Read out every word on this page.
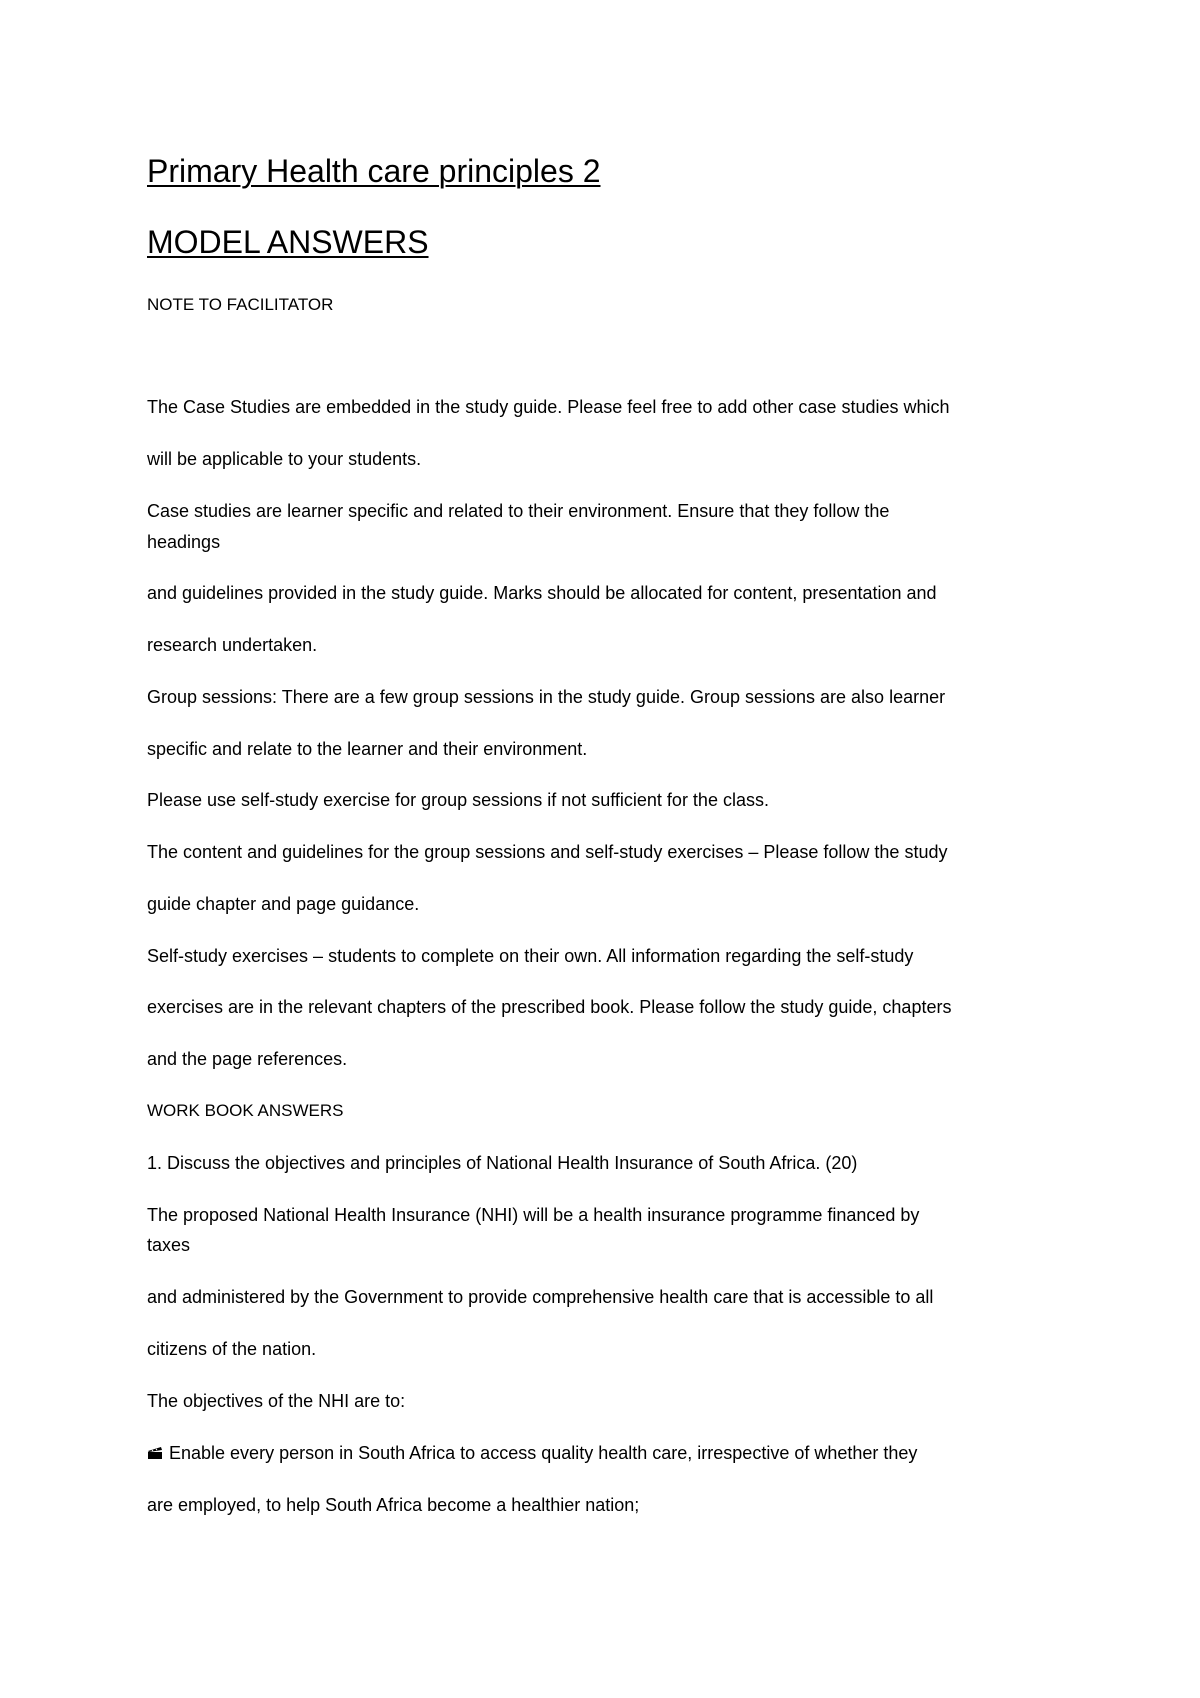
Primary Health care principles 2
MODEL ANSWERS
NOTE TO FACILITATOR
The Case Studies are embedded in the study guide. Please feel free to add other case studies which
will be applicable to your students.
Case studies are learner specific and related to their environment. Ensure that they follow the
headings
and guidelines provided in the study guide. Marks should be allocated for content, presentation and
research undertaken.
Group sessions: There are a few group sessions in the study guide. Group sessions are also learner
specific and relate to the learner and their environment.
Please use self-study exercise for group sessions if not sufficient for the class.
The content and guidelines for the group sessions and self-study exercises – Please follow the study
guide chapter and page guidance.
Self-study exercises – students to complete on their own. All information regarding the self-study
exercises are in the relevant chapters of the prescribed book. Please follow the study guide, chapters
and the page references.
WORK BOOK ANSWERS
1. Discuss the objectives and principles of National Health Insurance of South Africa. (20)
The proposed National Health Insurance (NHI) will be a health insurance programme financed by
taxes
and administered by the Government to provide comprehensive health care that is accessible to all
citizens of the nation.
The objectives of the NHI are to:
Enable every person in South Africa to access quality health care, irrespective of whether they
are employed, to help South Africa become a healthier nation;
